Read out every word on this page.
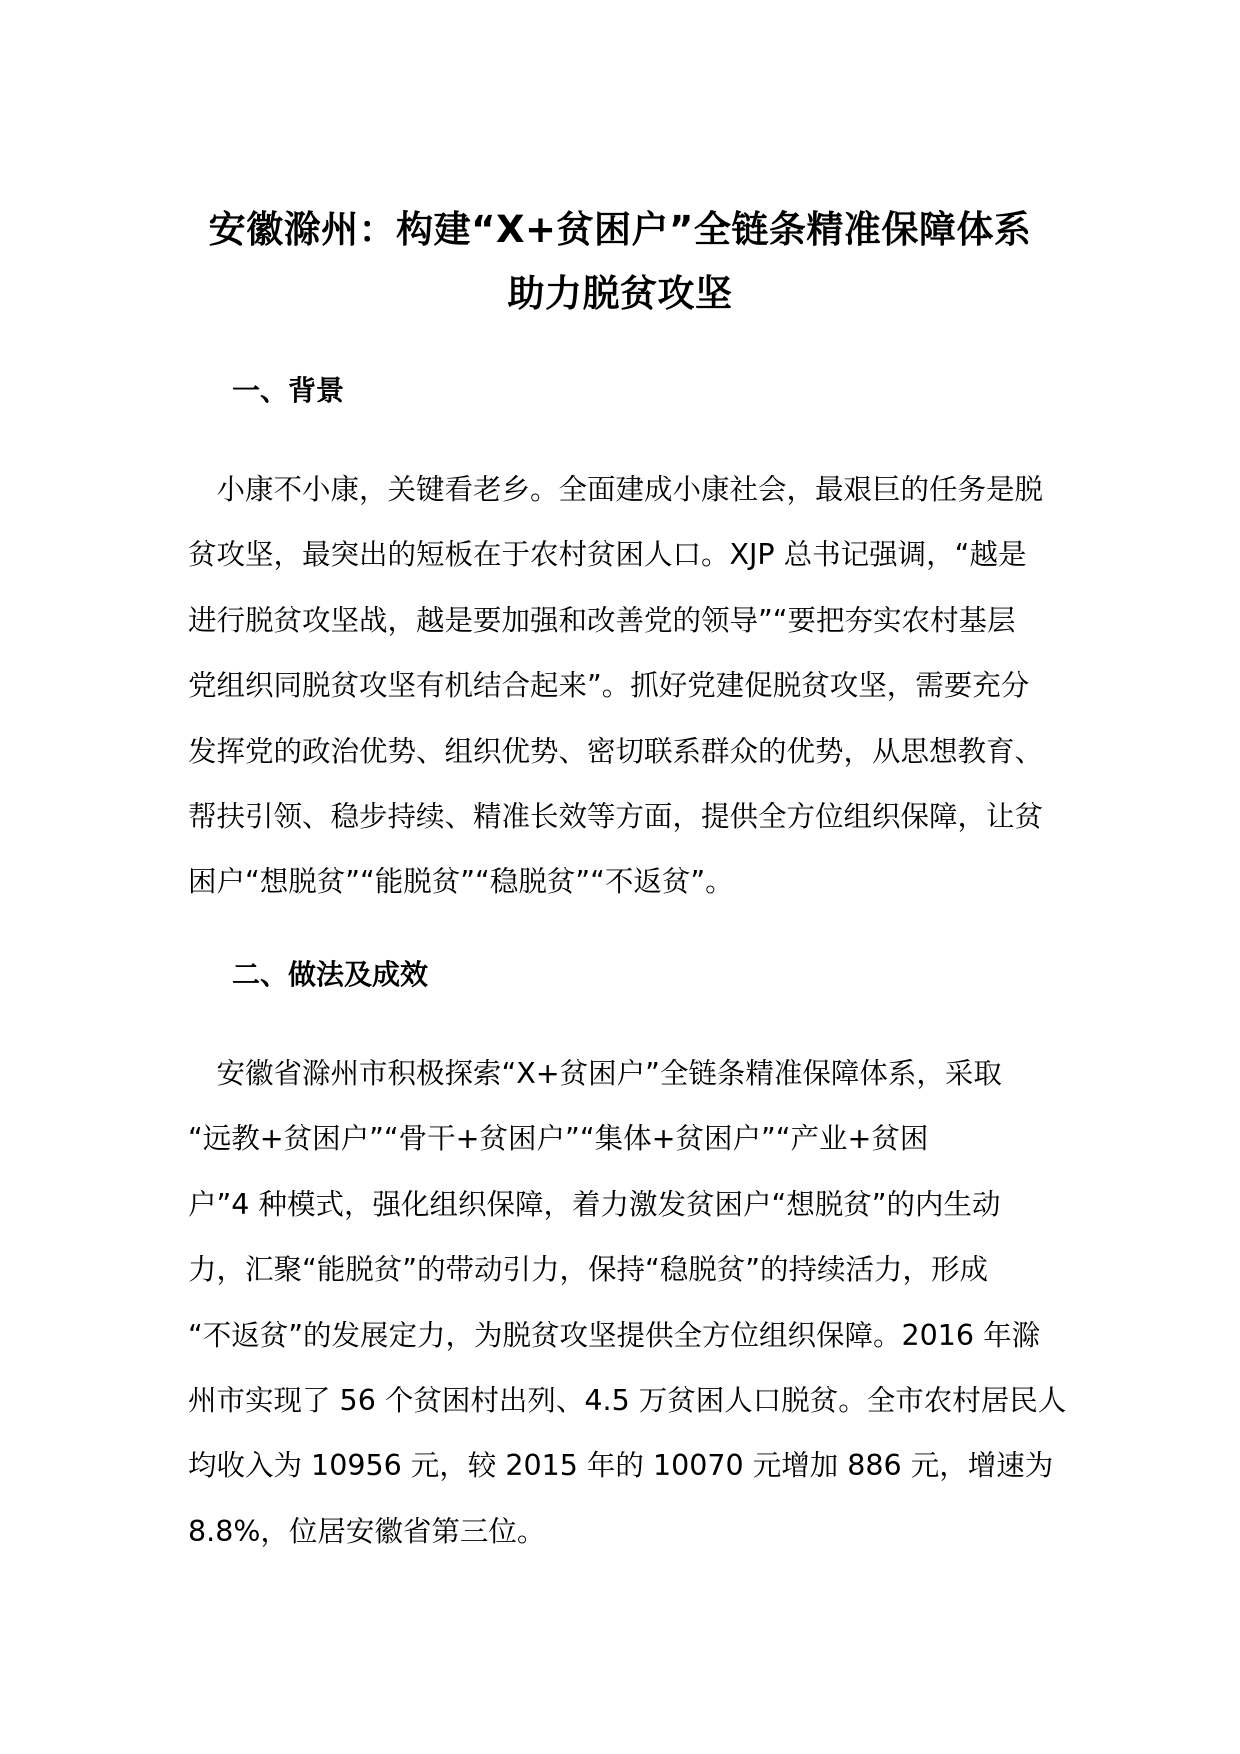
安徽滁州：构建“X+贫困户”全链条精准保障体系
助力脱贫攻坚
一、背景
　小康不小康，关键看老乡。全面建成小康社会，最艰巨的任务是脱
贫攻坚，最突出的短板在于农村贫困人口。XJP 总书记强调，“越是
进行脱贫攻坚战，越是要加强和改善党的领导”“要把夯实农村基层
党组织同脱贫攻坚有机结合起来”。抓好党建促脱贫攻坚，需要充分
发挥党的政治优势、组织优势、密切联系群众的优势，从思想教育、
帮扶引领、稳步持续、精准长效等方面，提供全方位组织保障，让贫
困户“想脱贫”“能脱贫”“稳脱贫”“不返贫”。
二、做法及成效
　安徽省滁州市积极探索“X+贫困户”全链条精准保障体系，采取
“远教+贫困户”“骨干+贫困户”“集体+贫困户”“产业+贫困
户”4 种模式，强化组织保障，着力激发贫困户“想脱贫”的内生动
力，汇聚“能脱贫”的带动引力，保持“稳脱贫”的持续活力，形成
“不返贫”的发展定力，为脱贫攻坚提供全方位组织保障。2016 年滁
州市实现了 56 个贫困村出列、4.5 万贫困人口脱贫。全市农村居民人
均收入为 10956 元，较 2015 年的 10070 元增加 886 元，增速为
8.8%，位居安徽省第三位。
